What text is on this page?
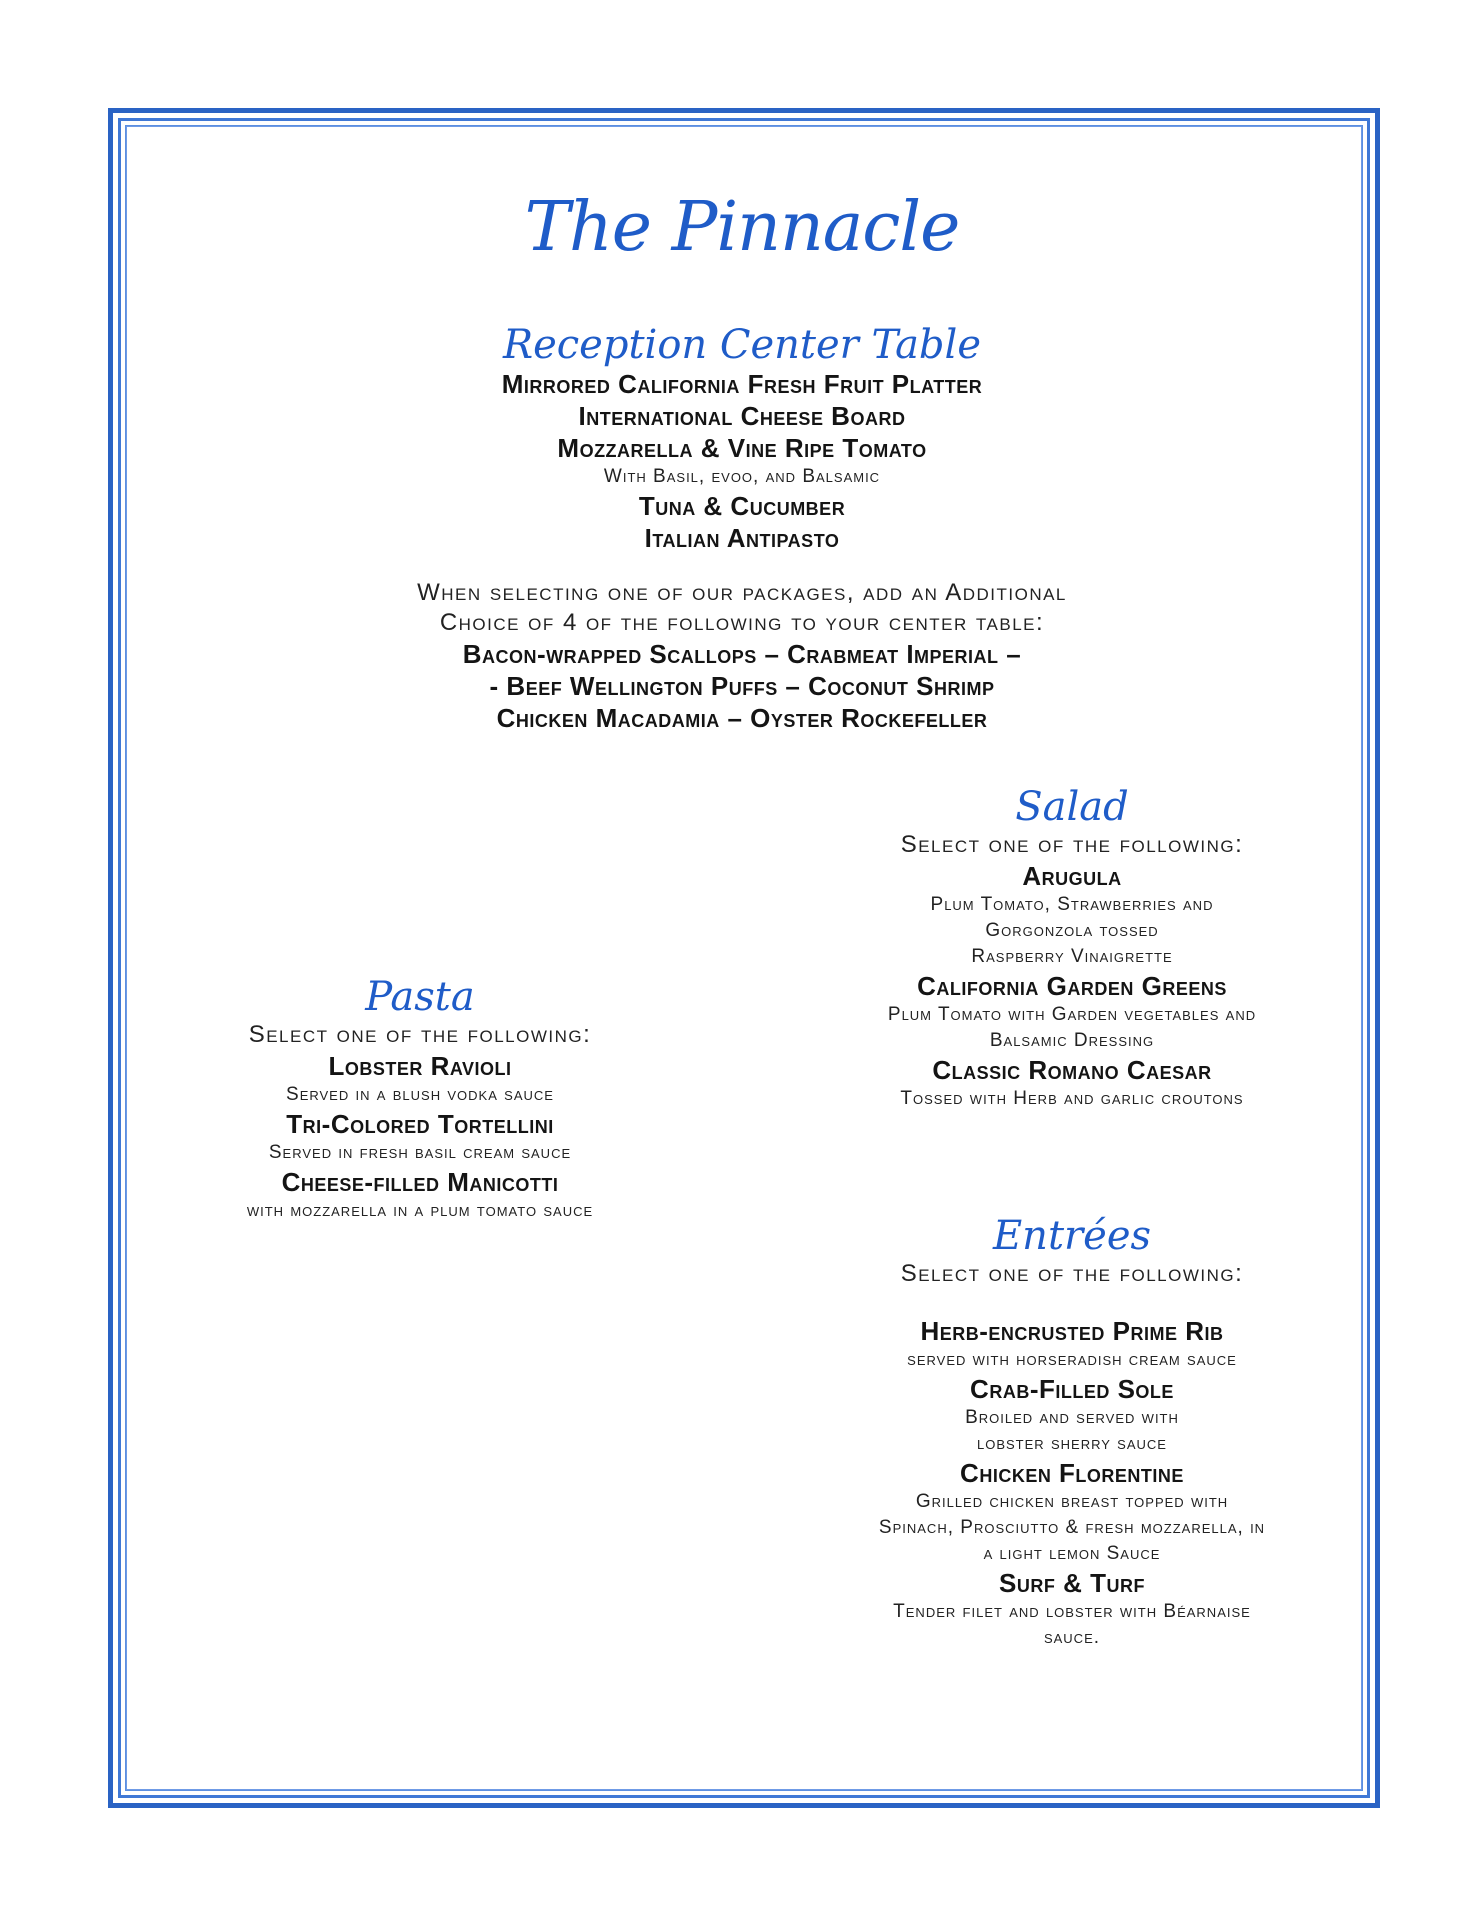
The Pinnacle
Reception Center Table
Mirrored California Fresh Fruit Platter
International Cheese Board
Mozzarella & Vine Ripe Tomato
With Basil, evoo, and Balsamic
Tuna & Cucumber
Italian Antipasto
When selecting one of our packages, add an Additional
Choice of 4 of the following to your center table:
Bacon-wrapped Scallops – Crabmeat Imperial –
- Beef Wellington Puffs – Coconut Shrimp
Chicken Macadamia – Oyster Rockefeller
Salad
Select one of the following:
Arugula
Plum Tomato, Strawberries and
Gorgonzola tossed
Raspberry Vinaigrette
California Garden Greens
Plum Tomato with Garden vegetables and
Balsamic Dressing
Classic Romano Caesar
Tossed with Herb and garlic croutons
Pasta
Select one of the following:
Lobster Ravioli
Served in a blush vodka sauce
Tri-Colored Tortellini
Served in fresh basil cream sauce
Cheese-filled Manicotti
with mozzarella in a plum tomato sauce
Entrées
Select one of the following:
Herb-encrusted Prime Rib
served with horseradish cream sauce
Crab-Filled Sole
Broiled and served with
lobster sherry sauce
Chicken Florentine
Grilled chicken breast topped with
Spinach, Prosciutto & fresh mozzarella, in
a light lemon Sauce
Surf & Turf
Tender filet and lobster with Béarnaise
sauce.
